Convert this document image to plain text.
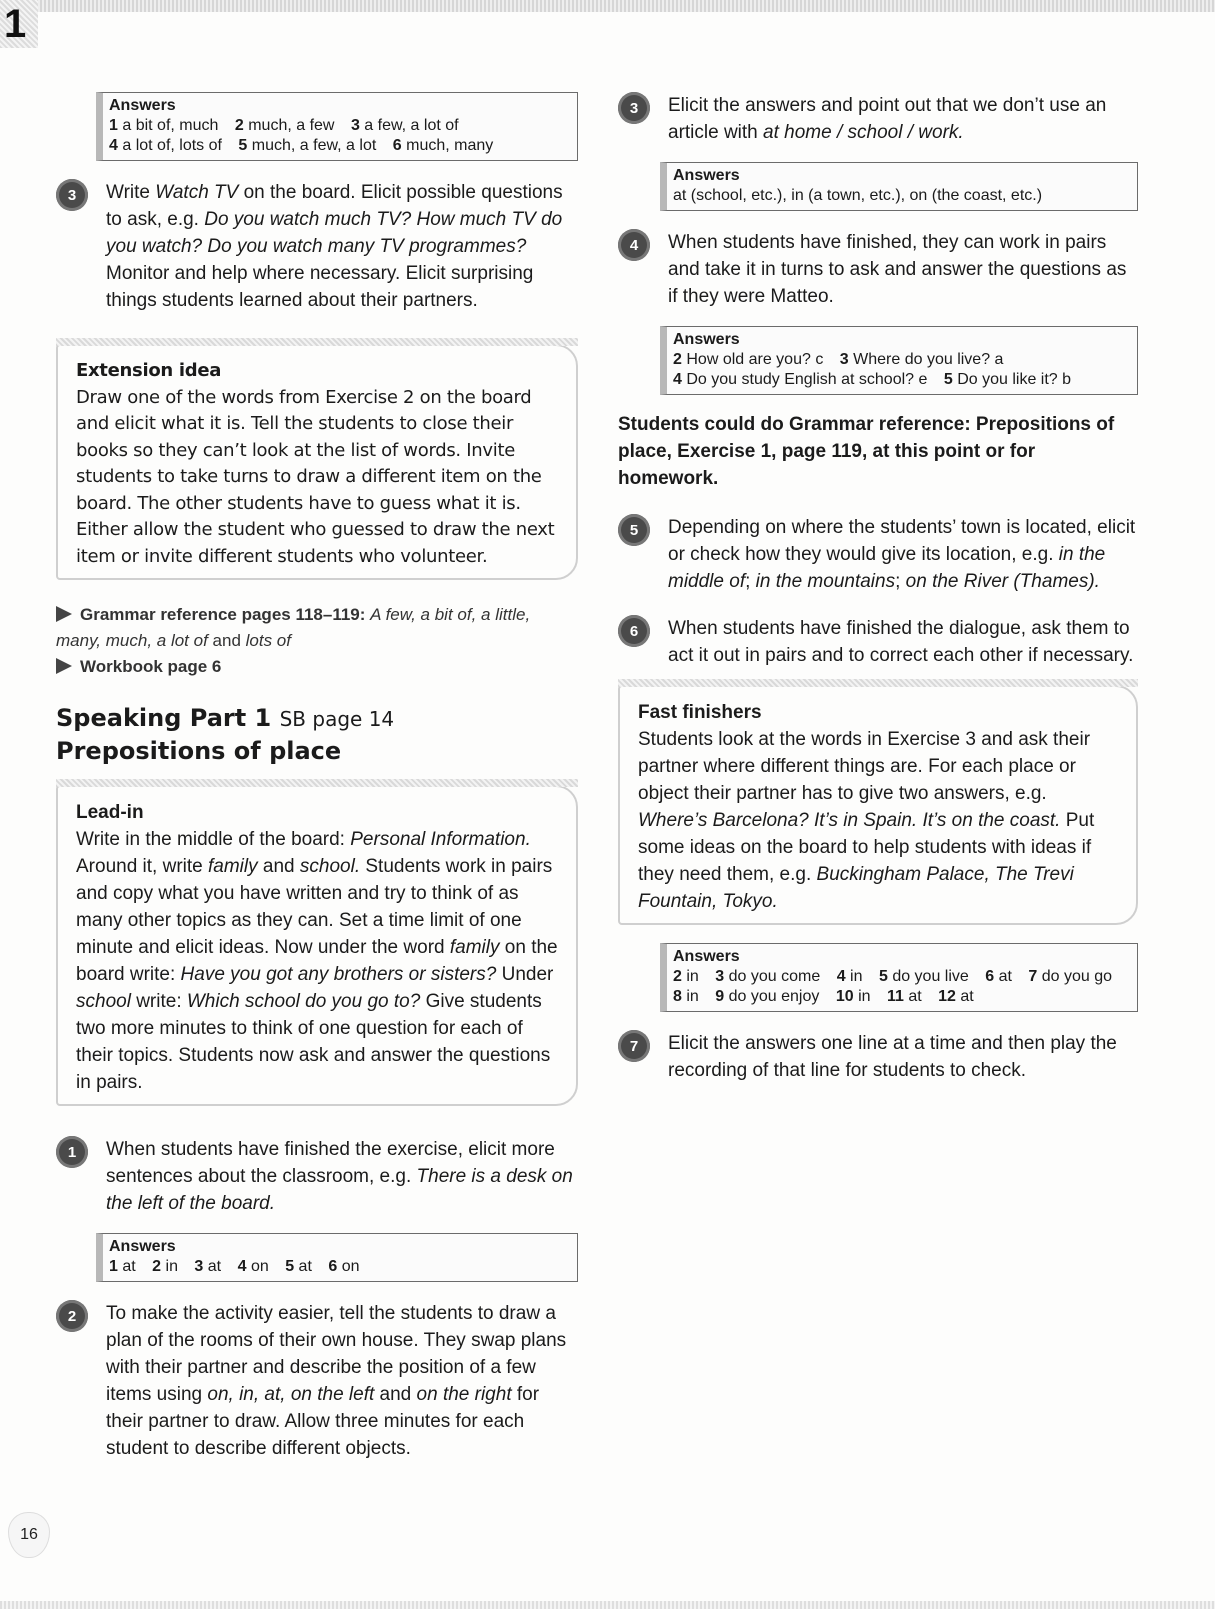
1
Answers
1 a bit of, much 2 much, a few 3 a few, a lot of
4 a lot of, lots of 5 much, a few, a lot 6 much, many
3	Write Watch TV on the board. Elicit possible questions to ask, e.g. Do you watch much TV? How much TV do you watch? Do you watch many TV programmes? Monitor and help where necessary. Elicit surprising things students learned about their partners.
Extension idea
Draw one of the words from Exercise 2 on the board and elicit what it is. Tell the students to close their books so they can’t look at the list of words. Invite students to take turns to draw a different item on the board. The other students have to guess what it is. Either allow the student who guessed to draw the next item or invite different students who volunteer.
Grammar reference pages 118–119: A few, a bit of, a little, many, much, a lot of and lots of
Workbook page 6
Speaking Part 1 SB page 14
Prepositions of place
Lead-in
Write in the middle of the board: Personal Information. Around it, write family and school. Students work in pairs and copy what you have written and try to think of as many other topics as they can. Set a time limit of one minute and elicit ideas. Now under the word family on the board write: Have you got any brothers or sisters? Under school write: Which school do you go to? Give students two more minutes to think of one question for each of their topics. Students now ask and answer the questions in pairs.
1	When students have finished the exercise, elicit more sentences about the classroom, e.g. There is a desk on the left of the board.
Answers
1 at 2 in 3 at 4 on 5 at 6 on
2	To make the activity easier, tell the students to draw a plan of the rooms of their own house. They swap plans with their partner and describe the position of a few items using on, in, at, on the left and on the right for their partner to draw. Allow three minutes for each student to describe different objects.
3	Elicit the answers and point out that we don’t use an article with at home / school / work.
Answers
at (school, etc.), in (a town, etc.), on (the coast, etc.)
4	When students have finished, they can work in pairs and take it in turns to ask and answer the questions as if they were Matteo.
Answers
2 How old are you? c 3 Where do you live? a
4 Do you study English at school? e 5 Do you like it? b
Students could do Grammar reference: Prepositions of place, Exercise 1, page 119, at this point or for homework.
5	Depending on where the students’ town is located, elicit or check how they would give its location, e.g. in the middle of; in the mountains; on the River (Thames).
6	When students have finished the dialogue, ask them to act it out in pairs and to correct each other if necessary.
Fast finishers
Students look at the words in Exercise 3 and ask their partner where different things are. For each place or object their partner has to give two answers, e.g. Where’s Barcelona? It’s in Spain. It’s on the coast. Put some ideas on the board to help students with ideas if they need them, e.g. Buckingham Palace, The Trevi Fountain, Tokyo.
Answers
2 in 3 do you come 4 in 5 do you live 6 at 7 do you go
8 in 9 do you enjoy 10 in 11 at 12 at
7	Elicit the answers one line at a time and then play the recording of that line for students to check.
16
